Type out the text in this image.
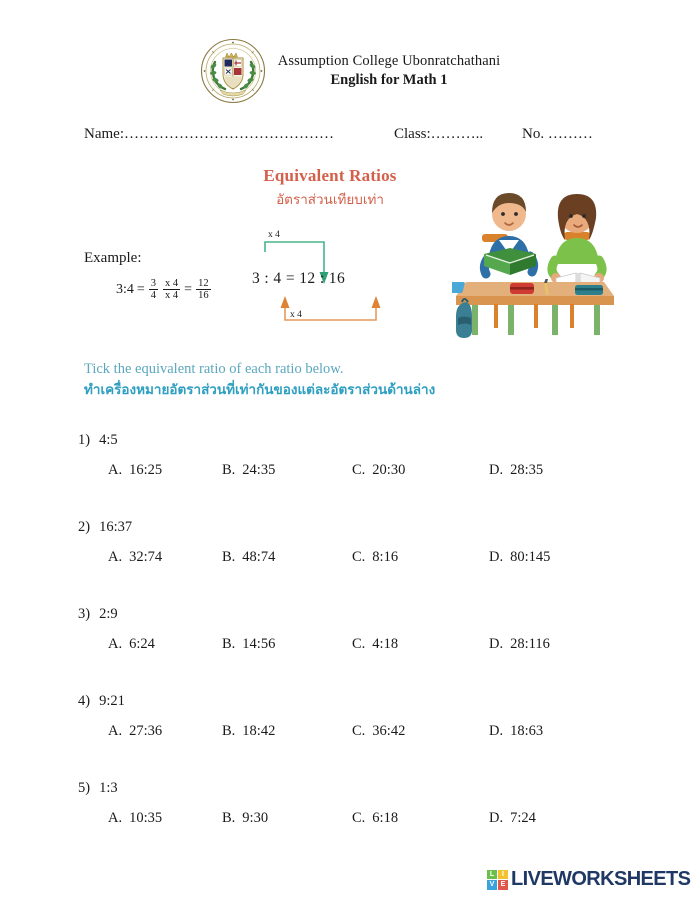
Assumption College Ubonratchathani
English for Math 1
Name:……………………………………	Class:………..	No. ………
Equivalent Ratios
อัตราส่วนเทียบเท่า
Example:
3:4 = $\frac{3}{4} \frac{x 4}{x 4} = \frac{12}{16}$
x 4
3 : 4 = 12 : 16
x 4
Tick the equivalent ratio of each ratio below.
ทำเครื่องหมายอัตราส่วนที่เท่ากันของแต่ละอัตราส่วนด้านล่าง
1) 4:5
A. 16:25	B. 24:35	C. 20:30	D. 28:35
2) 16:37
A. 32:74	B. 48:74	C. 8:16	D. 80:145
3) 2:9
A. 6:24	B. 14:56	C. 4:18	D. 28:116
4) 9:21
A. 27:36	B. 18:42	C. 36:42	D. 18:63
5) 1:3
A. 10:35	B. 9:30	C. 6:18	D. 7:24
L	I
V E LIVEWORKSHEETS
